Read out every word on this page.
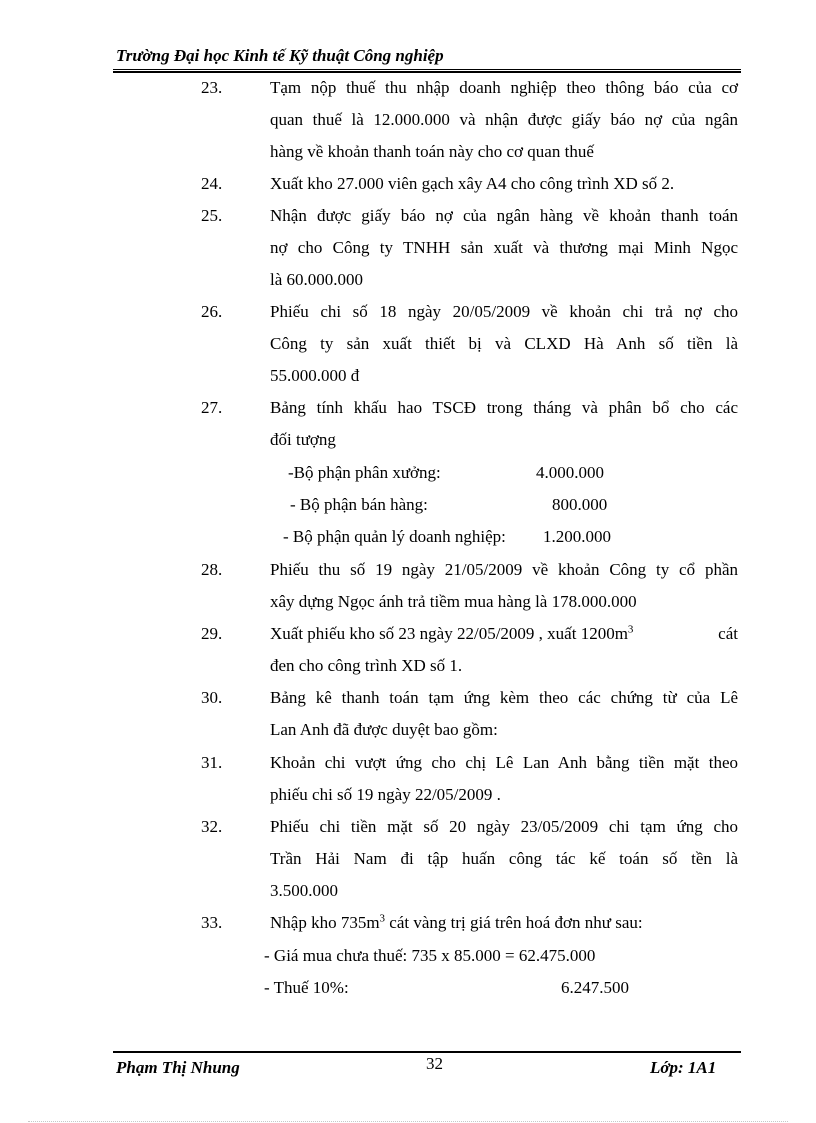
Trường Đại học Kinh tế Kỹ thuật Công nghiệp
23.	Tạm nộp thuế thu nhập doanh nghiệp theo thông báo của cơ
quan thuế là 12.000.000 và nhận được giấy báo nợ của ngân
hàng về khoản thanh toán này cho cơ quan thuế
24.	Xuất kho 27.000 viên gạch xây A4 cho công trình XD số 2.
25.	Nhận được giấy báo nợ của ngân hàng về khoản thanh toán
nợ cho Công ty TNHH sản xuất và thương mại Minh Ngọc
là 60.000.000
26.	Phiếu chi số 18 ngày 20/05/2009 về khoản chi trả nợ cho
Công ty sản xuất thiết bị và CLXD Hà Anh số tiền là
55.000.000 đ
27.	Bảng tính khấu hao TSCĐ trong tháng và phân bổ cho các
đối tượng
-Bộ phận phân xưởng:	4.000.000
- Bộ phận bán hàng:	800.000
- Bộ phận quản lý doanh nghiệp: 1.200.000
28.	Phiếu thu số 19 ngày 21/05/2009 về khoản Công ty cổ phần
xây dựng Ngọc ánh trả tiềm mua hàng là 178.000.000
29.	Xuất phiếu kho số 23 ngày 22/05/2009 , xuất $1200m^3$	cát
đen cho công trình XD số 1.
30.	Bảng kê thanh toán tạm ứng kèm theo các chứng từ của Lê
Lan Anh đã được duyệt bao gồm:
31.	Khoản chi vượt ứng cho chị Lê Lan Anh bằng tiền mặt theo
phiếu chi số 19 ngày 22/05/2009 .
32.	Phiếu chi tiền mặt số 20 ngày 23/05/2009 chi tạm ứng cho
Trần Hải Nam đi tập huấn công tác kế toán số tền là
3.500.000
33.	Nhập kho $735m^3$ cát vàng trị giá trên hoá đơn như sau:
- Giá mua chưa thuế: 735 x 85.000 = 62.475.000
- Thuế 10%:	6.247.500
Phạm Thị Nhung	32	Lớp: 1A1
